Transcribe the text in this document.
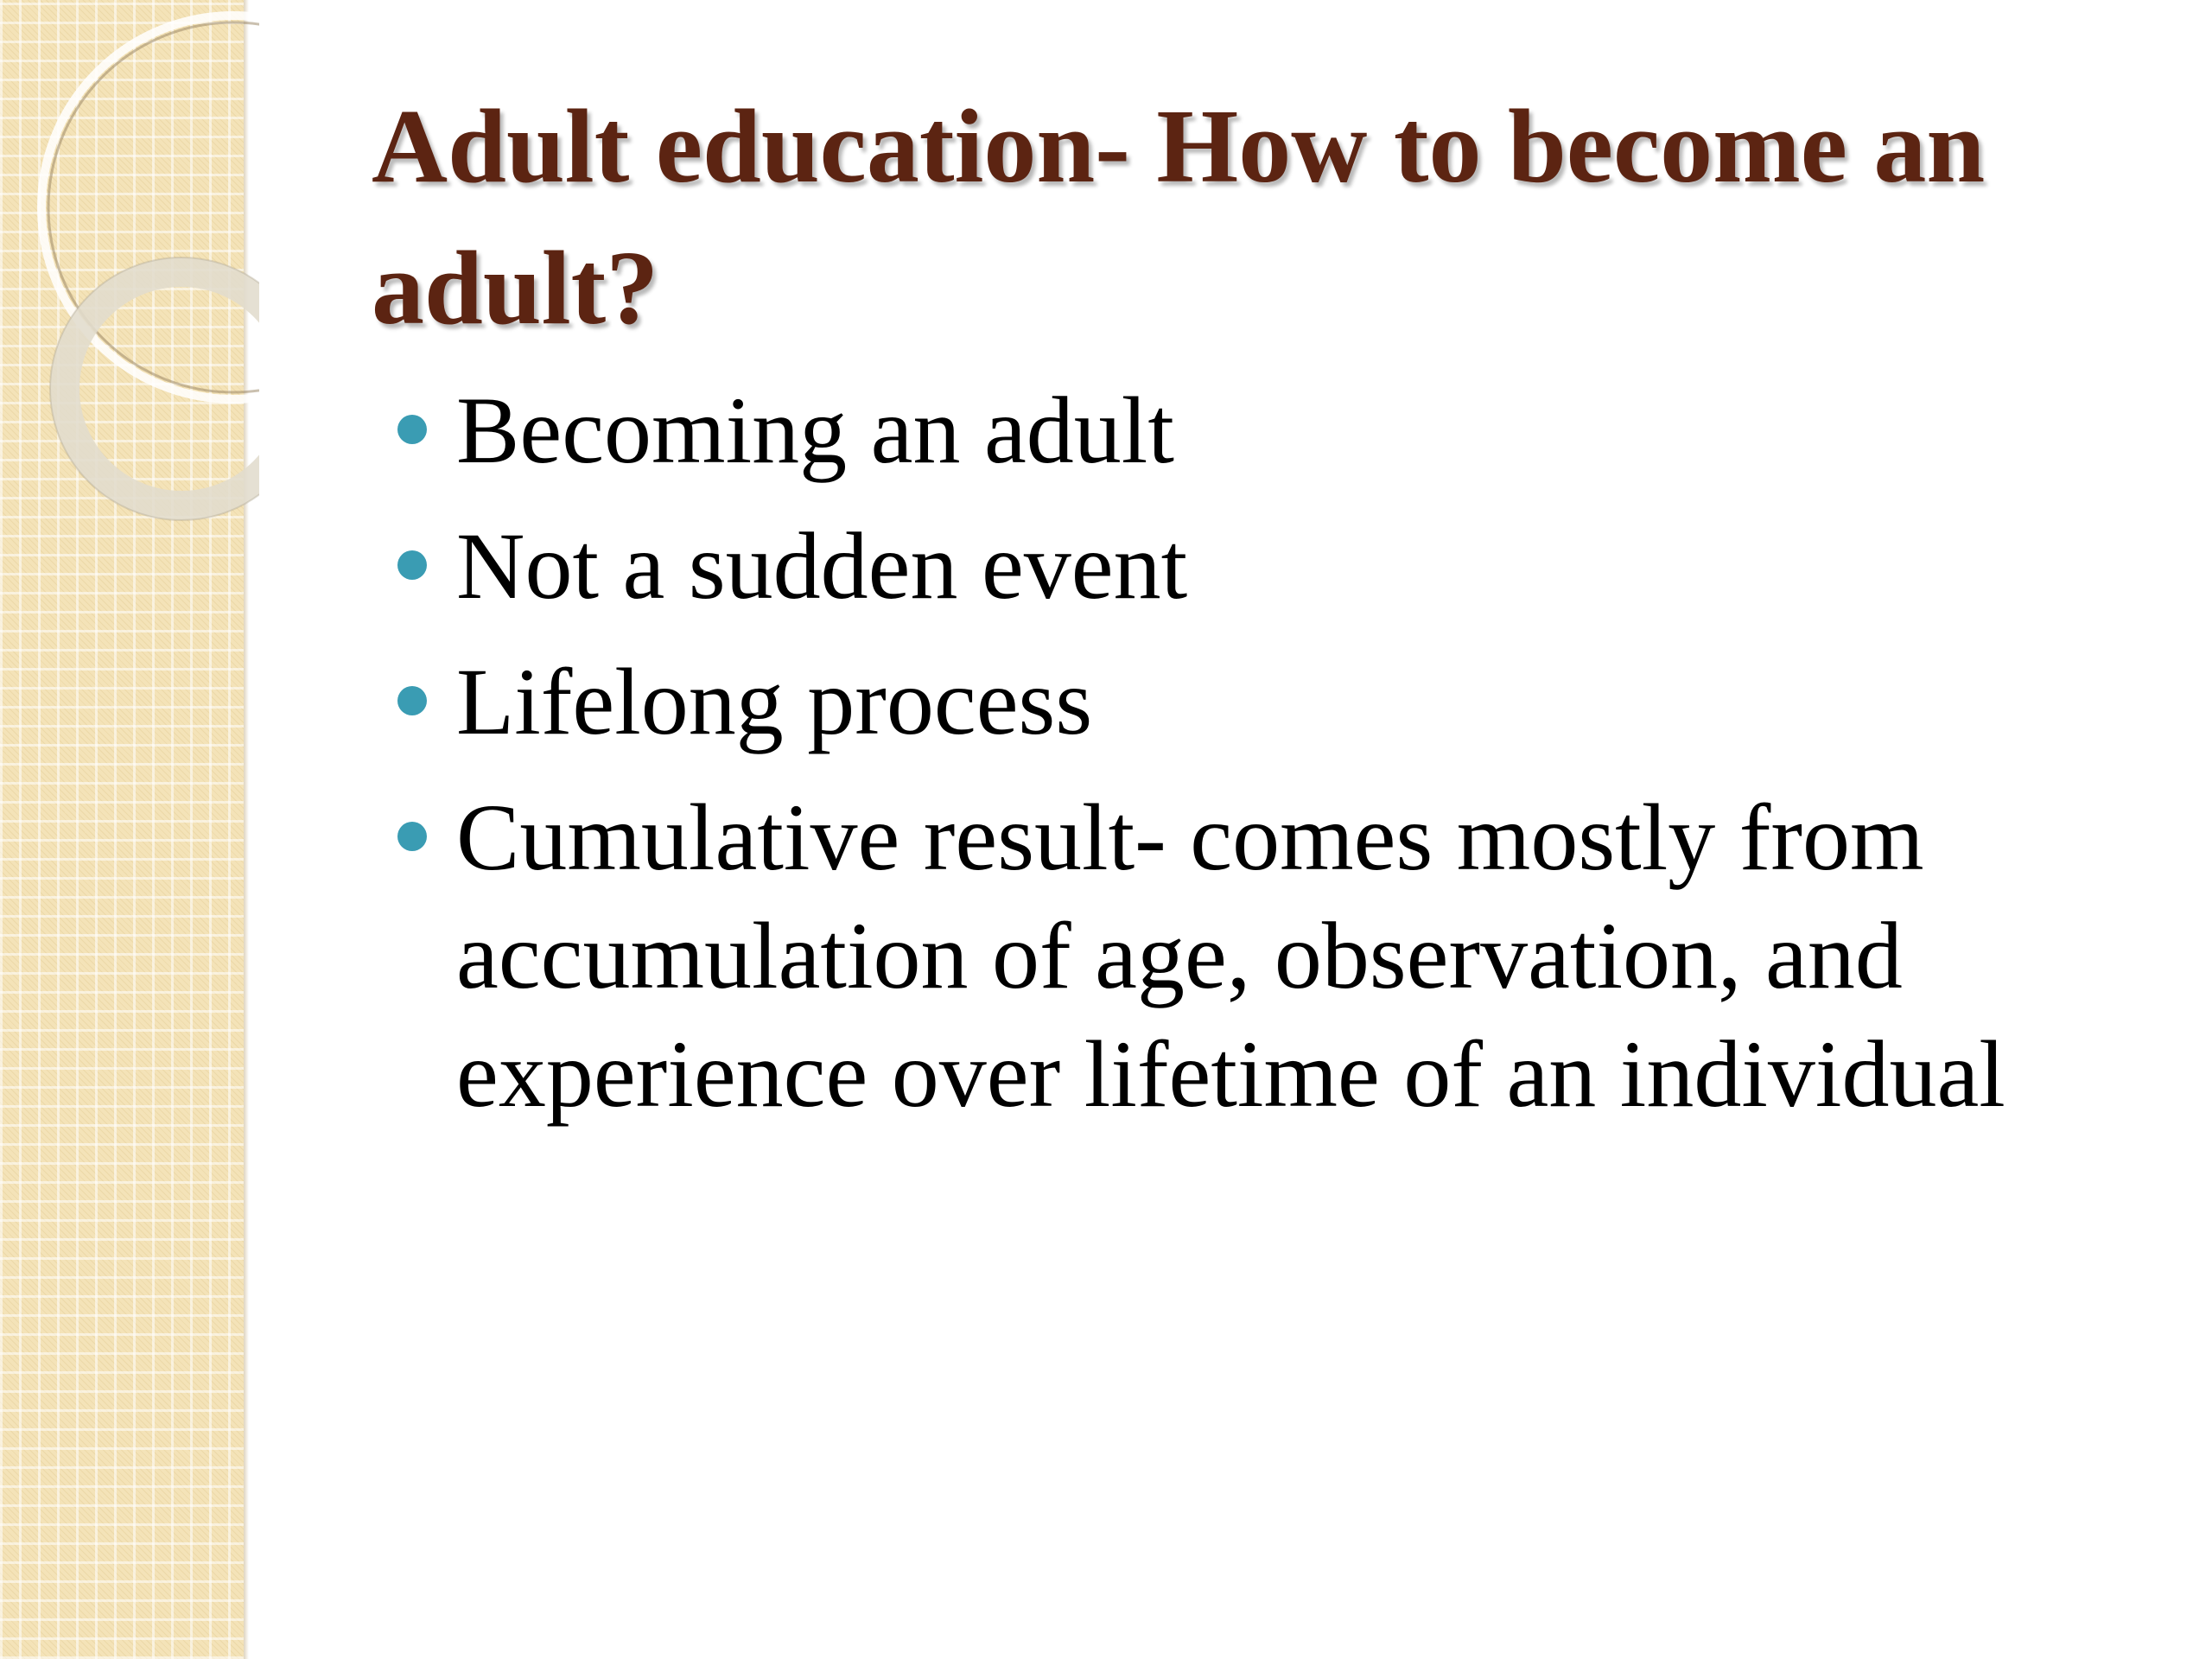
Adult education- How to become an adult?
Becoming an adult
Not a sudden event
Lifelong process
Cumulative result- comes mostly from accumulation of age, observation, and experience over lifetime of an individual
